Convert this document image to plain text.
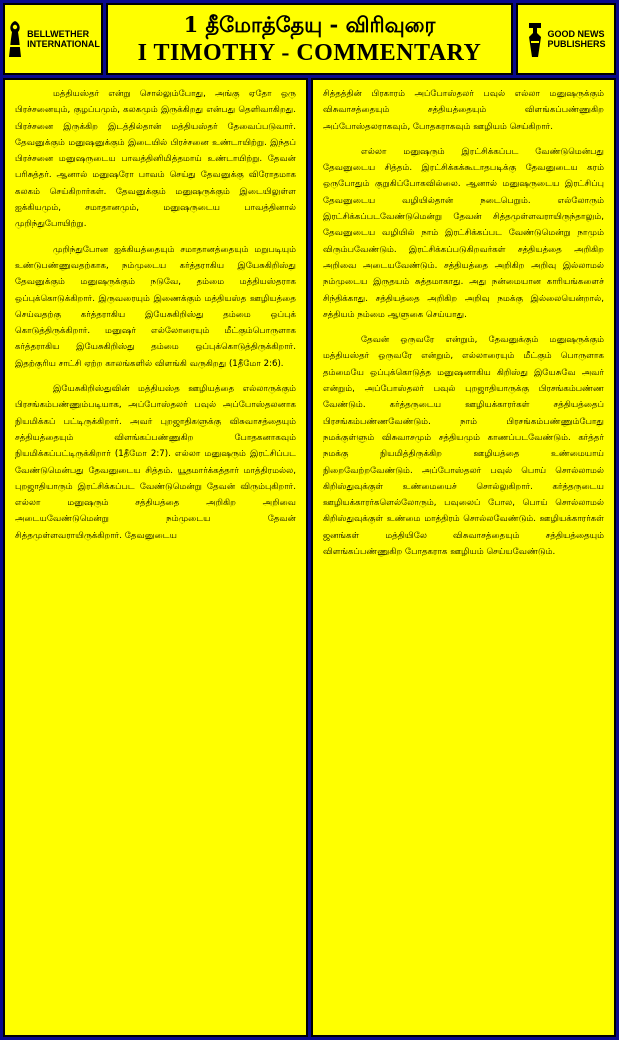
BELLWETHER
INTERNATIONAL
1 தீமோத்தேயு - விரிவுரை
I TIMOTHY - COMMENTARY
GOOD NEWS
PUBLISHERS

மத்தியஸ்தர் என்று சொல்லும்போது, அங்கு ஏதோ ஒரு பிரச்சனையும், குழப்பமும், கலகமும் இருக்கிறது என்பது தெளிவாகிறது. பிரச்சனை இருக்கிற இடத்தில்தான் மத்தியஸ்தர் தேவைப்படுவார். தேவனுக்கும் மனுஷனுக்கும் இடையில் பிரச்சனை உண்டாயிற்று. இந்தப் பிரச்சனை மனுஷருடைய பாவத்தினிமித்தமாய் உண்டாயிற்று. தேவன் பரிசுத்தர். ஆனால் மனுஷரோ பாவம் செய்து தேவனுக்கு விரோதமாக கலகம் செய்கிறார்கள். தேவனுக்கும் மனுஷருக்கும் இடையிலுள்ள ஐக்கியமும், சமாதானமும், மனுஷருடைய பாவத்தினால் முறிந்துபோயிற்று.

முறிந்துபோன ஐக்கியத்தையும் சமாதானத்தையும் மறுபடியும் உண்டுபண்ணுவதற்காக, நம்முடைய கர்த்தராகிய இயேசுகிறிஸ்து தேவனுக்கும் மனுஷருக்கும் நடுவே, தம்மை மத்தியஸ்தராக ஒப்புக்கொடுக்கிறார். இருவரையும் இணைக்கும் மத்தியஸ்த ஊழியத்தை செய்வதற்கு கர்த்தராகிய இயேசுகிறிஸ்து தம்மை ஒப்புக் கொடுத்திருக்கிறார். மனுஷர் எல்லோரையும் மீட்கும்பொருளாக கர்த்தராகிய இயேசுகிறிஸ்து தம்மை ஒப்புக்கொடுத்திருக்கிறார். இதற்குரிய சாட்சி ஏற்ற காலங்களில் விளங்கி வருகிறது (1தீமோ 2:6).

இயேசுகிறிஸ்துவின் மத்தியஸ்த ஊழியத்தை எல்லாருக்கும் பிரசங்கம்பண்ணும்படியாக, அப்போஸ்தலர் பவுல் அப்போஸ்தலனாக நியமிக்கப் பட்டிருக்கிறார். அவர் புறஜாதிகளுக்கு விசுவாசத்தையும் சத்தியத்தையும் விளங்கப்பண்ணுகிற போதகனாகவும் நியமிக்கப்பட்டிருக்கிறார் (1தீமோ 2:7). எல்லா மனுஷரும் இரட்சிப்பட வேண்டுமென்பது தேவனுடைய சித்தம். யூதமார்க்கத்தார் மாத்திரமல்ல, புறஜாதியாரும் இரட்சிக்கப்பட வேண்டுமென்று தேவன் விரும்புகிறார். எல்லா மனுஷரும் சத்தியத்தை அறிகிற அறிவை அடையவேண்டுமென்று நம்முடைய தேவன் சித்தமுள்ளவராயிருக்கிறார். தேவனுடைய

சித்தத்தின் பிரகாரம் அப்போஸ்தலர் பவுல் எல்லா மனுஷருக்கும் விசுவாசத்தையும் சத்தியத்தையும் விளங்கப்பண்ணுகிற அப்போஸ்தலராகவும், போதகராகவும் ஊழியம் செய்கிறார்.

எல்லா மனுஷரும் இரட்சிக்கப்பட வேண்டுமென்பது தேவனுடைய சித்தம். இரட்சிக்கக்கூடாதபடிக்கு தேவனுடைய கரம் ஒருபோதும் குறுகிப்போகவில்லை. ஆனால் மனுஷருடைய இரட்சிப்பு தேவனுடைய வழியில்தான் நடைபெறும். எல்லோரும் இரட்சிக்கப்படவேண்டுமென்று தேவன் சித்தமுள்ளவராயிருந்தாலும், தேவனுடைய வழியில் நாம் இரட்சிக்கப்பட வேண்டுமென்று நாமும் விரும்பவேண்டும். இரட்சிக்கப்படுகிறவர்கள் சத்தியத்தை அறிகிற அறிவை அடையவேண்டும். சத்தியத்தை அறிகிற அறிவு இல்லாமல் நம்முடைய இருதயம் சுத்தமாகாது. அது நன்மையான காரியங்களைச் சிந்திக்காது. சத்தியத்தை அறிகிற அறிவு நமக்கு இல்லையென்றால், சத்தியம் நம்மை ஆளுகை செய்யாது.

தேவன் ஒருவரே என்றும், தேவனுக்கும் மனுஷருக்கும் மத்தியஸ்தர் ஒருவரே என்றும், எல்லாரையும் மீட்கும் பொருளாக தம்மையே ஒப்புக்கொடுத்த மனுஷனாகிய கிறிஸ்து இயேசுவே அவர் என்றும், அப்போஸ்தலர் பவுல் புறஜாதியாருக்கு பிரசங்கம்பண்ண வேண்டும். கர்த்தருடைய ஊழியக்காரர்கள் சத்தியத்தைப் பிரசங்கம்பண்ணவேண்டும். நாம் பிரசங்கம்பண்ணும்போது நமக்குள்ளும் விசுவாசமும் சத்தியமும் காணப்படவேண்டும். கர்த்தர் நமக்கு நியமித்திருக்கிற ஊழியத்தை உண்மையாய் நிறைவேற்றவேண்டும். அப்போஸ்தலர் பவுல் பொய் சொல்லாமல் கிறிஸ்துவுக்குள் உண்மையைச் சொல்லுகிறார். கர்த்தருடைய ஊழியக்காரர்களெல்லோரும், பவுலைப் போல, பொய் சொல்லாமல் கிறிஸ்துவுக்குள் உண்மை மாத்திரம் சொல்லவேண்டும். ஊழியக்காரர்கள் ஜனங்கள் மத்தியிலே விசுவாசத்தையும் சத்தியத்தையும் விளங்கப்பண்ணுகிற போதகராக ஊழியம் செய்யவேண்டும்.
